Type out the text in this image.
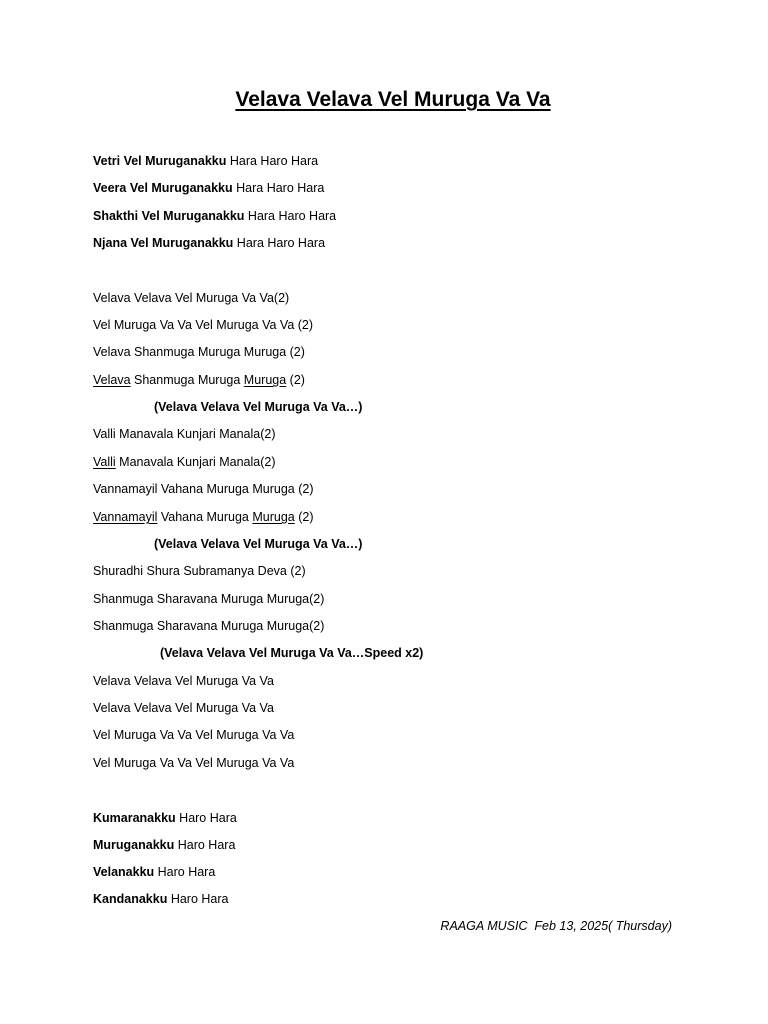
Velava Velava Vel Muruga Va Va
Vetri Vel Muruganakku Hara Haro Hara
Veera Vel Muruganakku Hara Haro Hara
Shakthi Vel Muruganakku Hara Haro Hara
Njana Vel Muruganakku Hara Haro Hara
Velava Velava Vel Muruga Va Va(2)
Vel Muruga Va Va Vel Muruga Va Va (2)
Velava Shanmuga Muruga Muruga (2)
Velava Shanmuga Muruga Muruga (2)
(Velava Velava Vel Muruga Va Va…)
Valli Manavala Kunjari Manala(2)
Valli Manavala Kunjari Manala(2)
Vannamayil Vahana Muruga Muruga (2)
Vannamayil Vahana Muruga Muruga (2)
(Velava Velava Vel Muruga Va Va…)
Shuradhi Shura Subramanya Deva (2)
Shanmuga Sharavana Muruga Muruga(2)
Shanmuga Sharavana Muruga Muruga(2)
(Velava Velava Vel Muruga Va Va…Speed x2)
Velava Velava Vel Muruga Va Va
Velava Velava Vel Muruga Va Va
Vel Muruga Va Va Vel Muruga Va Va
Vel Muruga Va Va Vel Muruga Va Va
Kumaranakku Haro Hara
Muruganakku Haro Hara
Velanakku Haro Hara
Kandanakku Haro Hara
RAAGA MUSIC  Feb 13, 2025( Thursday)
